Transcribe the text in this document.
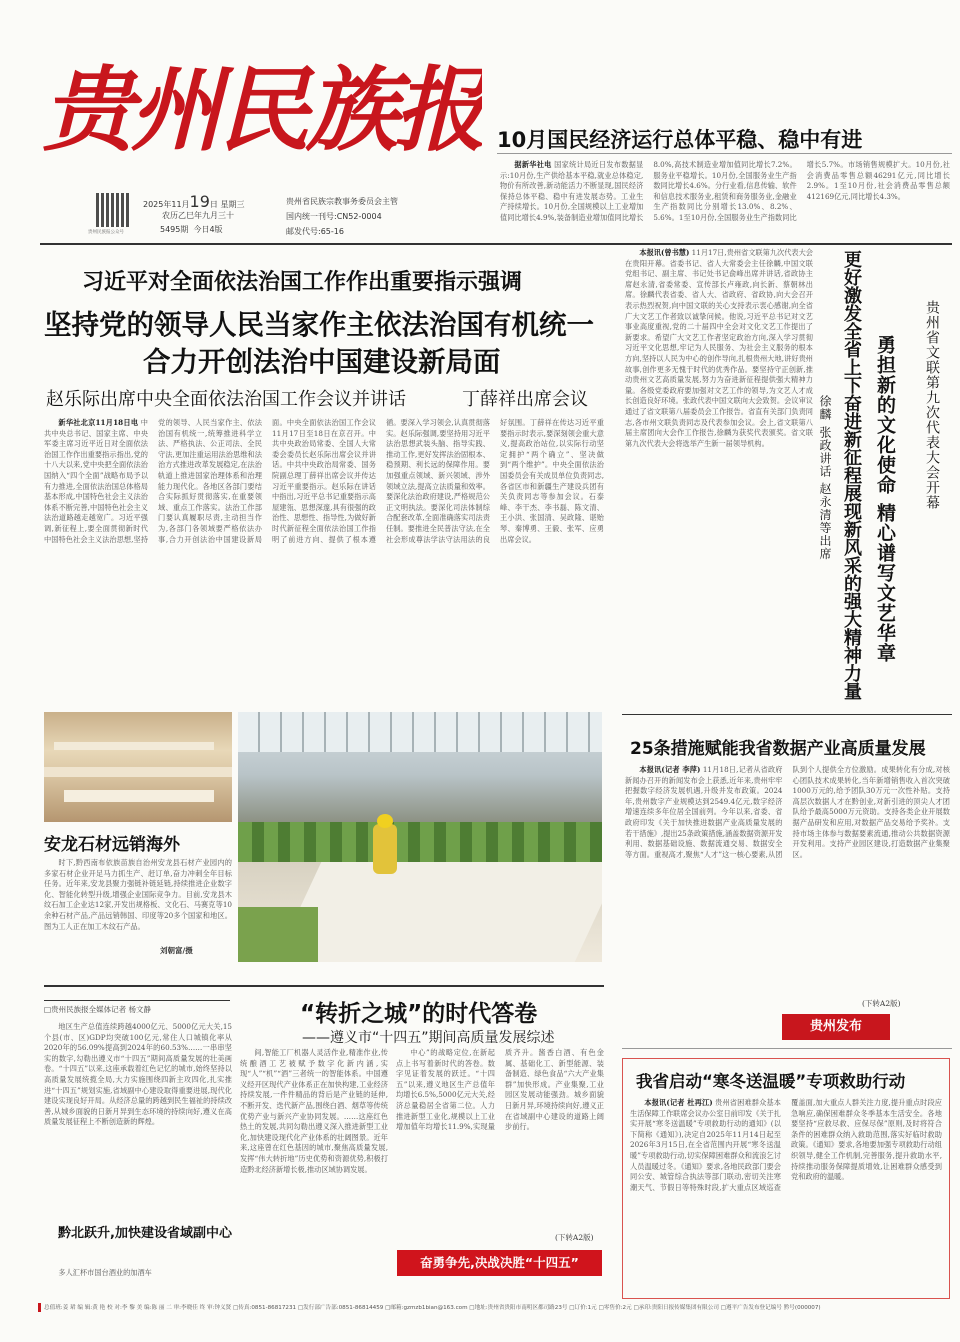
贵州民族报
贵州民族报公众号
2025年11月19日 星期三
农历乙巳年九月三十
5495期  今日4版
贵州省民族宗教事务委员会主管
国内统一刊号:CN52-0004
邮发代号:65-16
10月国民经济运行总体平稳、稳中有进

据新华社电 国家统计局近日发布数据显示:10月份,生产供给基本平稳,就业总体稳定,物价有所改善,新动能活力不断显现,国民经济保持总体平稳、稳中有进发展态势。工业生产持续增长。10月份,全国规模以上工业增加值同比增长4.9%,装备制造业增加值同比增长8.0%,高技术制造业增加值同比增长7.2%。服务业平稳增长。10月份,全国服务业生产指数同比增长4.6%。分行业看,信息传输、软件和信息技术服务业,租赁和商务服务业,金融业生产指数同比分别增长13.0%、8.2%、5.6%。1至10月份,全国服务业生产指数同比增长5.7%。市场销售规模扩大。10月份,社会消费品零售总额46291亿元,同比增长2.9%。1至10月份,社会消费品零售总额412169亿元,同比增长4.3%。

习近平对全面依法治国工作作出重要指示强调
坚持党的领导人民当家作主依法治国有机统一
合力开创法治中国建设新局面
赵乐际出席中央全面依法治国工作会议并讲话	丁薛祥出席会议

新华社北京11月18日电 中共中央总书记、国家主席、中央军委主席习近平近日对全面依法治国工作作出重要指示指出,党的十八大以来,党中央把全面依法治国纳入“四个全面”战略布局予以有力推进,全面依法治国总体格局基本形成,中国特色社会主义法治体系不断完善,中国特色社会主义法治道路越走越宽广。习近平强调,新征程上,要全面贯彻新时代中国特色社会主义法治思想,坚持党的领导、人民当家作主、依法治国有机统一,统筹推进科学立法、严格执法、公正司法、全民守法,更加注重运用法治思维和法治方式推进改革发展稳定,在法治轨道上推进国家治理体系和治理能力现代化。各地区各部门要结合实际抓好贯彻落实,在重要领域、重点工作落实。法治工作部门要认真履职尽责,主动担当作为,各部门各领域要严格依法办事,合力开创法治中国建设新局面。中央全面依法治国工作会议11月17日至18日在京召开。中共中央政治局常委、全国人大常委会委员长赵乐际出席会议并讲话。中共中央政治局常委、国务院副总理丁薛祥出席会议并传达习近平重要指示。赵乐际在讲话中指出,习近平总书记重要指示高屋建瓴、思想深邃,具有很强的政治性、思想性、指导性,为做好新时代新征程全面依法治国工作指明了前进方向、提供了根本遵循。要深入学习领会,认真贯彻落实。赵乐际强调,要坚持用习近平法治思想武装头脑、指导实践、推动工作,更好发挥法治固根本、稳预期、利长远的保障作用。要加强重点领域、新兴领域、涉外领域立法,提高立法质量和效率。要深化法治政府建设,严格规范公正文明执法。要深化司法体制综合配套改革,全面准确落实司法责任制。要推进全民普法守法,在全社会形成尊法学法守法用法的良好氛围。丁薛祥在传达习近平重要指示时表示,要深刻领会重大意义,提高政治站位,以实际行动坚定拥护“两个确立”、坚决做到“两个维护”。中央全面依法治国委员会有关成员单位负责同志,各省区市和新疆生产建设兵团有关负责同志等参加会议。石泰峰、李干杰、李书磊、陈文清、王小洪、张国清、吴政隆、谌贻琴、秦博勇、王毅、张军、应勇出席会议。

本报讯(曾书慧) 11月17日,贵州省文联第九次代表大会在贵阳开幕。省委书记、省人大常委会主任徐麟,中国文联党组书记、副主席、书记处书记俞峰出席并讲话,省政协主席赵永清,省委常委、宣传部长卢雍政,向长新、蔡朝林出席。徐麟代表省委、省人大、省政府、省政协,向大会召开表示热烈祝贺,向中国文联的关心支持表示衷心感谢,向全省广大文艺工作者致以诚挚问候。他说,习近平总书记对文艺事业高度重视,党的二十届四中全会对文化文艺工作提出了新要求。希望广大文艺工作者坚定政治方向,深入学习贯彻习近平文化思想,牢记为人民服务、为社会主义服务的根本方向,坚持以人民为中心的创作导向,扎根贵州大地,讲好贵州故事,创作更多无愧于时代的优秀作品。要坚持守正创新,推动贵州文艺高质量发展,努力为奋进新征程提供强大精神力量。各级党委政府要加强对文艺工作的领导,为文艺人才成长创造良好环境。张政代表中国文联向大会致贺。会议审议通过了省文联第八届委员会工作报告。省直有关部门负责同志,各市州文联负责同志及代表参加会议。会上,省文联第八届主席团向大会作工作报告,徐麟为获奖代表颁奖。省文联第九次代表大会将选举产生新一届领导机构。	徐麟 张政讲话 赵永清等出席 更好激发全省上下奋进新征程展现新风采的强大精神力量 勇担新的文化使命 精心谱写文艺华章 贵州省文联第九次代表大会开幕
25条措施赋能我省数据产业高质量发展

本报讯(记者 李萍) 11月18日,记者从省政府新闻办召开的新闻发布会上获悉,近年来,贵州牢牢把握数字经济发展机遇,升级并发布政策。2024年,贵州数字产业规模达到2549.4亿元,数字经济增速连续多年位居全国前列。今年以来,省委、省政府印发《关于加快推进数据产业高质量发展的若干措施》,提出25条政策措施,涵盖数据资源开发利用、数据基础设施、数据流通交易、数据安全等方面。重视高才,聚焦“人才”这一核心要素,从团队到个人提供全方位激励。成果转化有分成,对核心团队技术成果转化,当年新增销售收入首次突破1000万元的,给予团队30万元一次性补贴。支持高层次数据人才在黔创业,对新引进的顶尖人才团队给予最高5000万元资助。支持各类企业开展数据产品研发和应用,对数据产品交易给予奖补。支持市场主体参与数据要素流通,推动公共数据资源开发利用。支持产业园区建设,打造数据产业集聚区。

(下转A2版)
贵州发布
安龙石材远销海外

时下,黔西南布依族苗族自治州安龙县石材产业园内的多家石材企业开足马力抓生产、赶订单,奋力冲刺全年目标任务。近年来,安龙县聚力强链补链延链,持续推进企业数字化、智能化转型升级,增强企业国际竞争力。目前,安龙县木纹石加工企业达12家,开发出规格板、文化石、马赛克等10余种石材产品,产品远销韩国、印度等20多个国家和地区。图为工人正在加工木纹石产品。

刘朝富/摄
□贵州民族报全媒体记者 杨文静	“转折之城”的时代答卷
——遵义市“十四五”期间高质量发展综述

地区生产总值连续跨越4000亿元、5000亿元大关,15个县(市、区)GDP均突破100亿元,常住人口城镇化率从2020年的56.09%提高到2024年的60.53%……一串串坚实的数字,勾勒出遵义市“十四五”期间高质量发展的壮美画卷。“十四五”以来,这座承载着红色记忆的城市,始终坚持以高质量发展统揽全局,大力实施围绕四新主攻四化,扎实推进“十四五”规划实施,省域副中心建设取得重要进展,现代化建设实现良好开局。从经济总量的跨越到民生福祉的持续改善,从城乡面貌的日新月异到生态环境的持续向好,遵义在高质量发展征程上不断创造新的辉煌。

黔北跃升,加快建设省域副中心

多人汇杯市国台酒业的加酒车

间,智能工厂机器人灵活作业,精准作业,传统酿酒工艺被赋予数字化新内涵,实现“人”“机”“酒”三者统一的智能体系。中国遵义经开区现代产业体系正在加快构建,工业经济持续发展,一件件精品的背后是产业链的延伸,不断开发、迭代新产品,围绕白酒、烟草等传统优势产业与新兴产业协同发展。……这座红色热土的发展,共同勾勒出遵义深入推进新型工业化,加快建设现代化产业体系的壮阔图景。近年来,这座曾在红色基因的城市,聚焦高质量发展,发挥“伟大转折地”历史优势和资源优势,积极打造黔北经济新增长极,推动区域协调发展。

中心”的战略定位,在新起点上书写着新时代的答卷。数字见证着发展的跃迁。“十四五”以来,遵义地区生产总值年均增长6.5%,5000亿元大关,经济总量稳居全省第二位。人力推进新型工业化,规模以上工业增加值年均增长11.9%,实现量质齐升。酱香白酒、有色金属、基础化工、新型能源、装备制造、绿色食品“六大产业集群”加快形成。产业集聚,工业园区发展动能强劲。城乡面貌日新月异,环境持续向好,遵义正在省域副中心建设的道路上阔步前行。

(下转A2版)
奋勇争先,决战决胜“十四五”
我省启动“寒冬送温暖”专项救助行动

本报讯(记者 杜再江) 贵州省困难群众基本生活保障工作联席会议办公室日前印发《关于扎实开展“寒冬送温暖”专项救助行动的通知》(以下简称《通知》),决定自2025年11月14日起至2026年3月15日,在全省范围内开展“寒冬送温暖”专项救助行动,切实保障困难群众和流浪乞讨人员温暖过冬。《通知》要求,各地民政部门要会同公安、城管综合执法等部门联动,密切关注寒潮天气、节假日等特殊时段,扩大重点区域巡查覆盖面,加大重点人群关注力度,提升重点时段应急响应,确保困难群众冬季基本生活安全。各地要坚持“应救尽救、应保尽保”原则,及时将符合条件的困难群众纳入救助范围,落实好临时救助政策。《通知》要求,各地要加强专项救助行动组织领导,健全工作机制,完善服务,提升救助水平,持续推动服务保障提质增效,让困难群众感受到党和政府的温暖。

总值班:姜 珺 编 辑:黄 艳 校 对:李 黎 美 编:陈 丽 二 审:李晓佳 终 审:钟义贤 □传真:0851-86817231 □发行部广告部:0851-86814459 □邮箱:gzmzb1bian@163.com □地址:贵州省贵阳市南明区都司路23号 □订价:1元 □零售价:2元 □承印:贵阳日报传媒集团有限公司 □遵平广告发布登记编号 黔号(000007)
